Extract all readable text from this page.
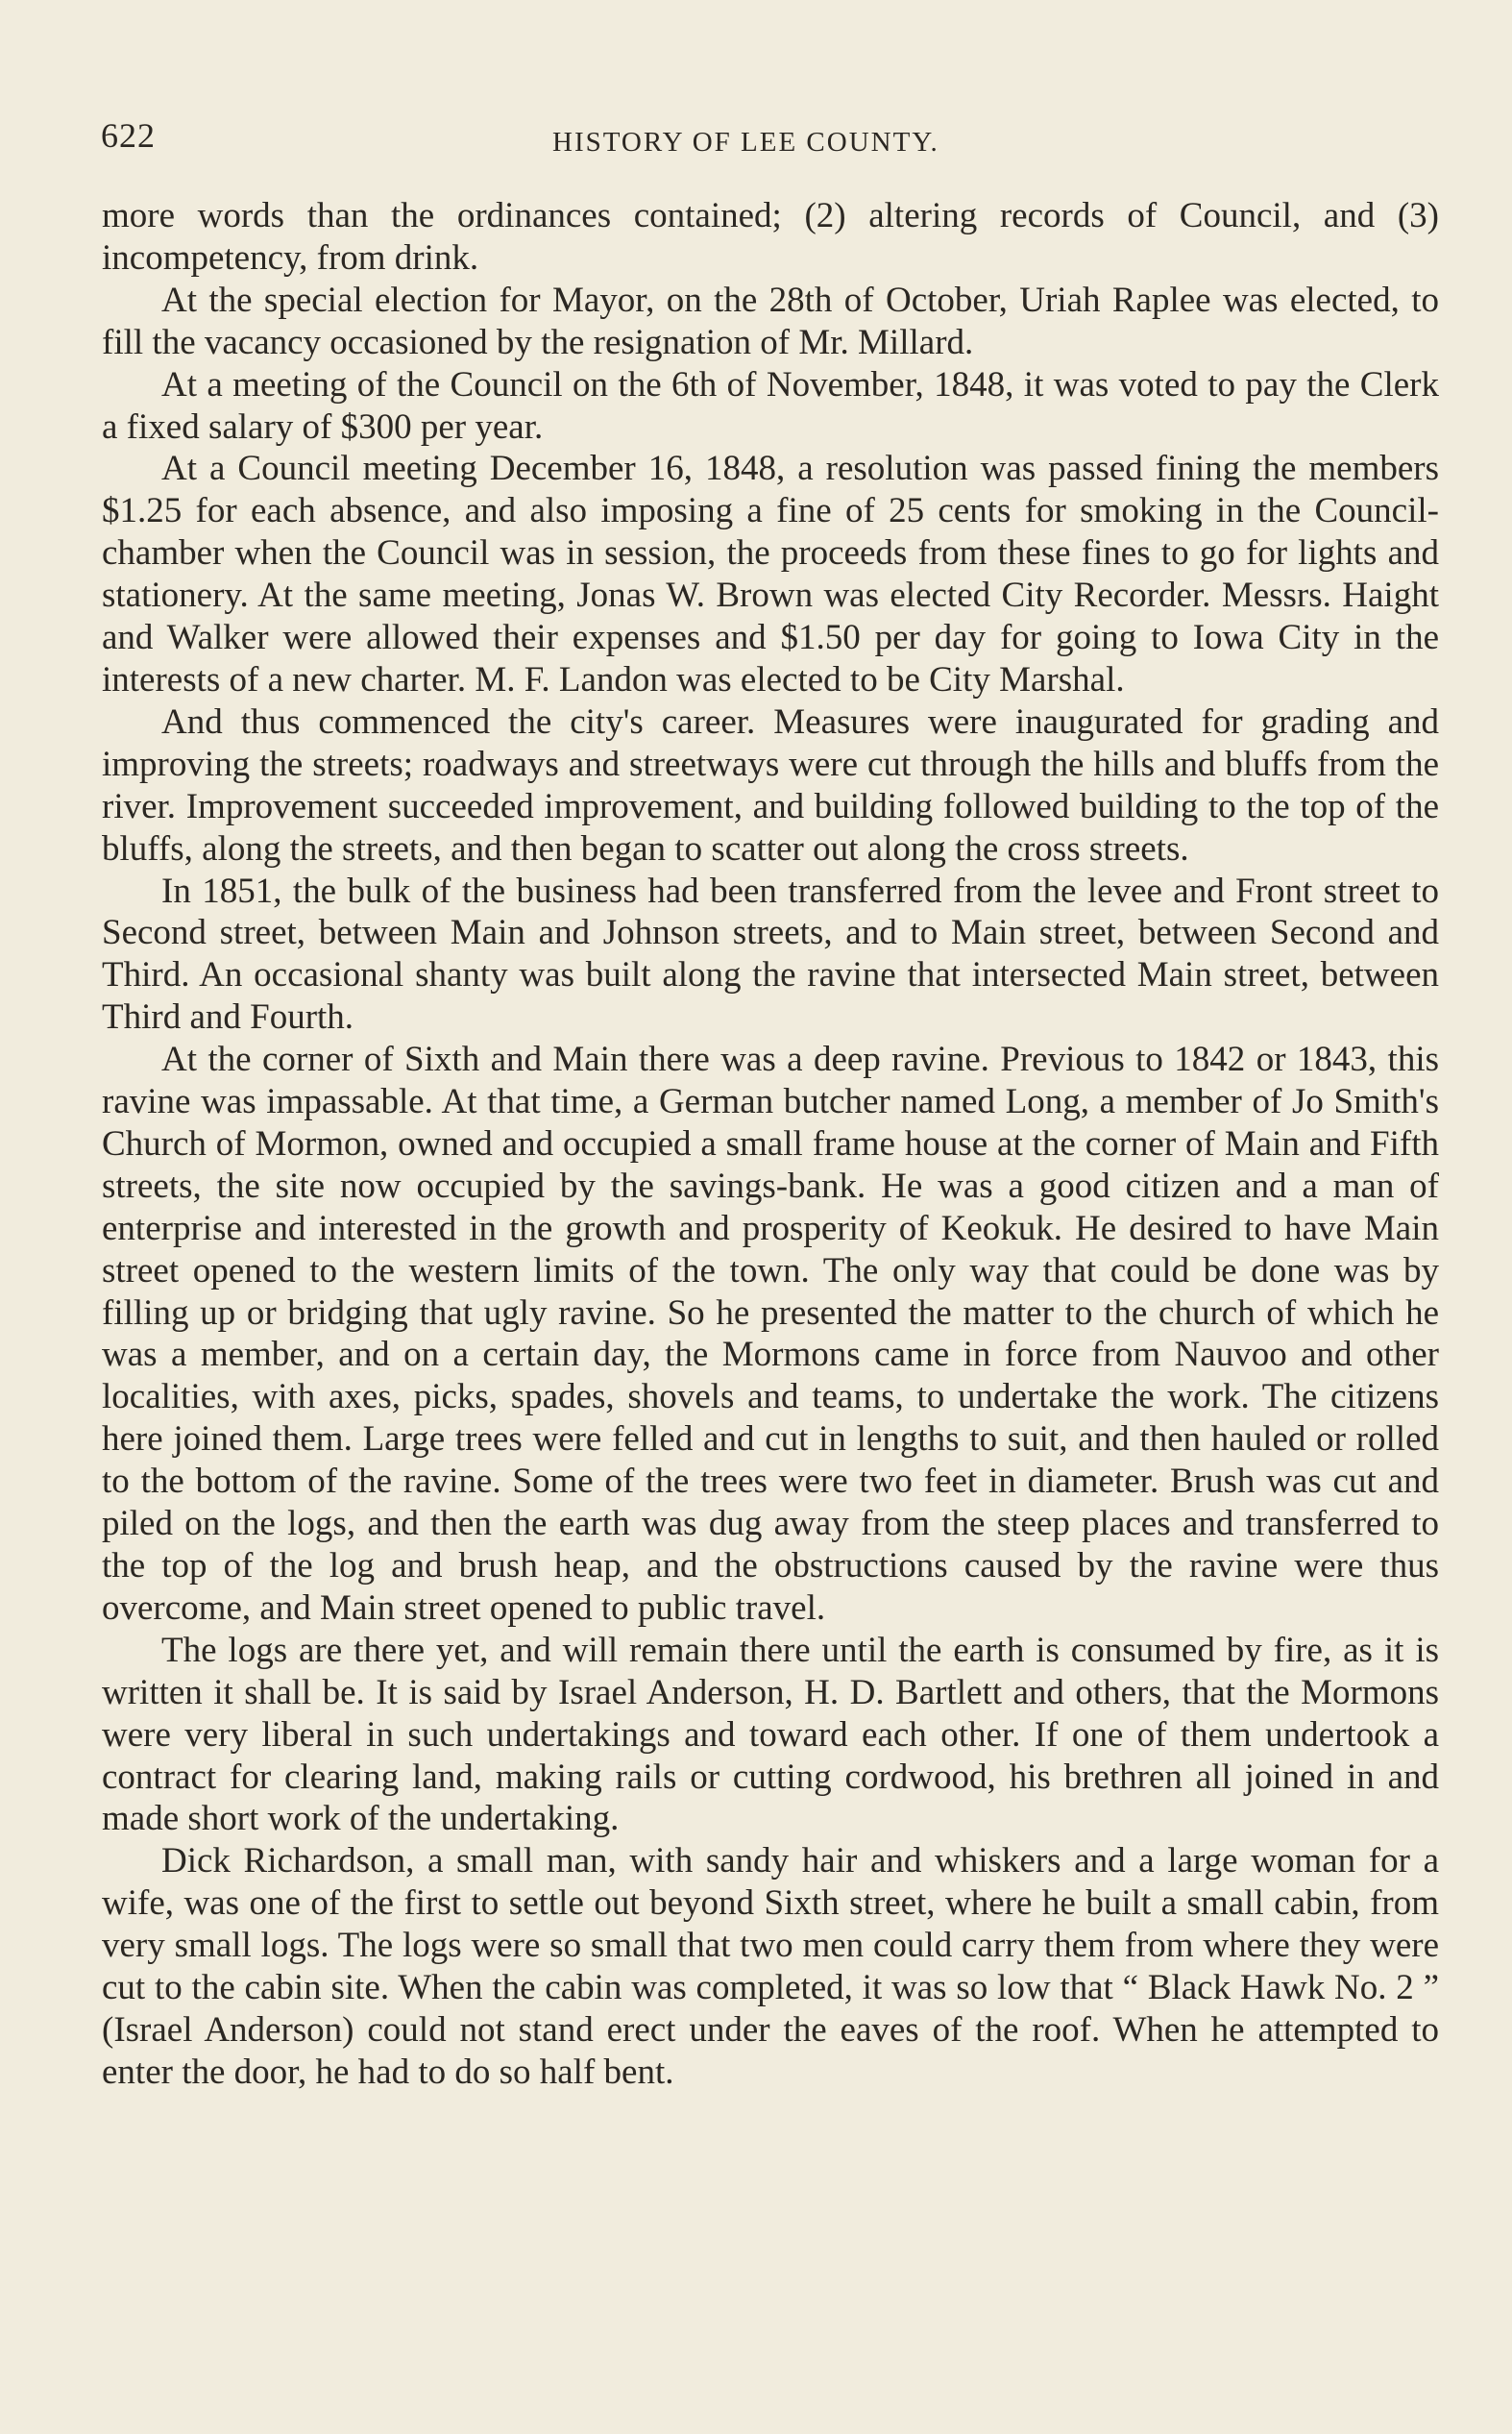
622	HISTORY OF LEE COUNTY.

more words than the ordinances contained; (2) altering records of Council, and (3) incompetency, from drink.

At the special election for Mayor, on the 28th of October, Uriah Raplee was elected, to fill the vacancy occasioned by the resignation of Mr. Millard.

At a meeting of the Council on the 6th of November, 1848, it was voted to pay the Clerk a fixed salary of $300 per year.

At a Council meeting December 16, 1848, a resolution was passed fining the members $1.25 for each absence, and also imposing a fine of 25 cents for smoking in the Council-chamber when the Council was in session, the proceeds from these fines to go for lights and stationery. At the same meeting, Jonas W. Brown was elected City Recorder. Messrs. Haight and Walker were allowed their expenses and $1.50 per day for going to Iowa City in the interests of a new charter. M. F. Landon was elected to be City Marshal.

And thus commenced the city's career. Measures were inaugurated for grading and improving the streets; roadways and streetways were cut through the hills and bluffs from the river. Improvement succeeded improvement, and building followed building to the top of the bluffs, along the streets, and then began to scatter out along the cross streets.

In 1851, the bulk of the business had been transferred from the levee and Front street to Second street, between Main and Johnson streets, and to Main street, between Second and Third. An occasional shanty was built along the ravine that intersected Main street, between Third and Fourth.

At the corner of Sixth and Main there was a deep ravine. Previous to 1842 or 1843, this ravine was impassable. At that time, a German butcher named Long, a member of Jo Smith's Church of Mormon, owned and occupied a small frame house at the corner of Main and Fifth streets, the site now occupied by the savings-bank. He was a good citizen and a man of enterprise and interested in the growth and prosperity of Keokuk. He desired to have Main street opened to the western limits of the town. The only way that could be done was by filling up or bridging that ugly ravine. So he presented the matter to the church of which he was a member, and on a certain day, the Mormons came in force from Nauvoo and other localities, with axes, picks, spades, shovels and teams, to undertake the work. The citizens here joined them. Large trees were felled and cut in lengths to suit, and then hauled or rolled to the bottom of the ravine. Some of the trees were two feet in diameter. Brush was cut and piled on the logs, and then the earth was dug away from the steep places and transferred to the top of the log and brush heap, and the obstructions caused by the ravine were thus overcome, and Main street opened to public travel.

The logs are there yet, and will remain there until the earth is consumed by fire, as it is written it shall be. It is said by Israel Anderson, H. D. Bartlett and others, that the Mormons were very liberal in such undertakings and toward each other. If one of them undertook a contract for clearing land, making rails or cutting cordwood, his brethren all joined in and made short work of the undertaking.

Dick Richardson, a small man, with sandy hair and whiskers and a large woman for a wife, was one of the first to settle out beyond Sixth street, where he built a small cabin, from very small logs. The logs were so small that two men could carry them from where they were cut to the cabin site. When the cabin was completed, it was so low that “ Black Hawk No. 2 ” (Israel Anderson) could not stand erect under the eaves of the roof. When he attempted to enter the door, he had to do so half bent.
